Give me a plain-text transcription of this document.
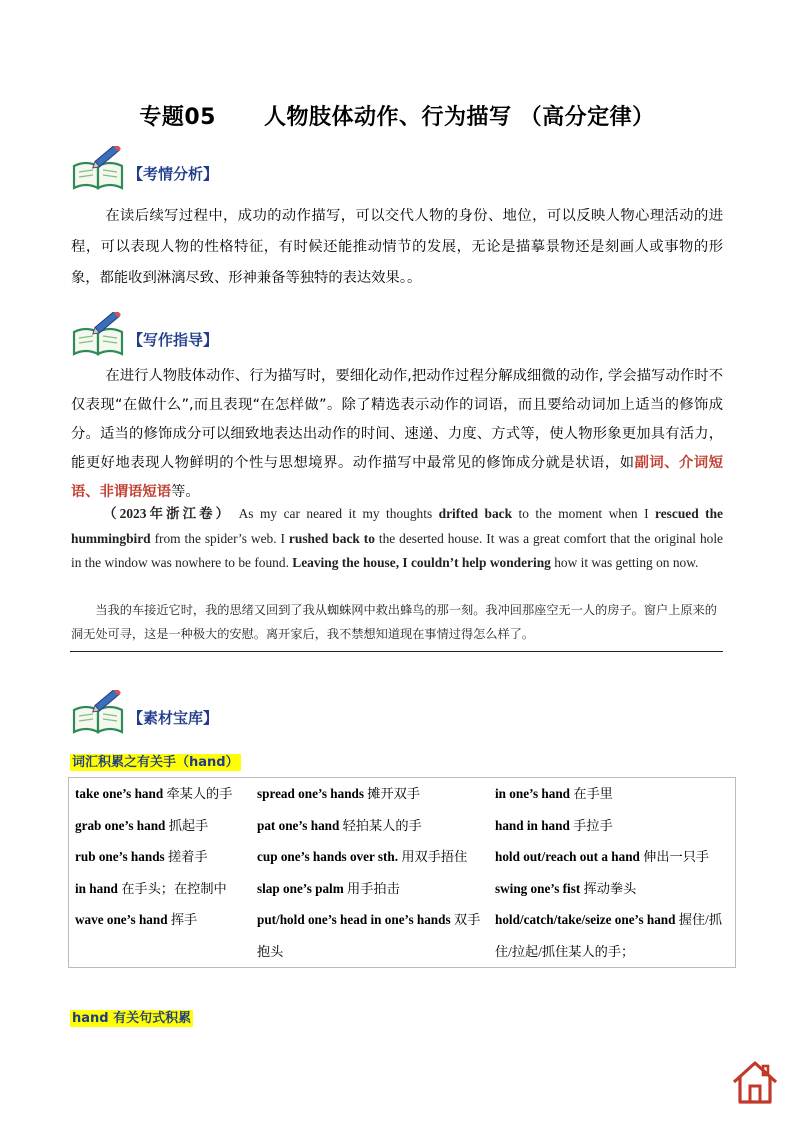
专题05 人物肢体动作、行为描写 （高分定律）
【考情分析】
在读后续写过程中，成功的动作描写，可以交代人物的身份、地位，可以反映人物心理活动的进程，可以表现人物的性格特征，有时候还能推动情节的发展，无论是描摹景物还是刻画人或事物的形象，都能收到淋漓尽致、形神兼备等独特的表达效果。。
【写作指导】
在进行人物肢体动作、行为描写时，要细化动作,把动作过程分解成细微的动作, 学会描写动作时不仅表现“在做什么”,而且表现“在怎样做”。除了精选表示动作的词语，而且要给动词加上适当的修饰成分。适当的修饰成分可以细致地表达出动作的时间、速递、力度、方式等，使人物形象更加具有活力，能更好地表现人物鲜明的个性与思想境界。动作描写中最常见的修饰成分就是状语，如副词、介词短语、非谓语短语等。
（2023年浙江卷） As my car neared it my thoughts drifted back to the moment when I rescued the hummingbird from the spider’s web. I rushed back to the deserted house. It was a great comfort that the original hole in the window was nowhere to be found. Leaving the house, I couldn’t help wondering how it was getting on now.
当我的车接近它时，我的思绪又回到了我从蜘蛛网中救出蜂鸟的那一刻。我冲回那座空无一人的房子。窗户上原来的洞无处可寻，这是一种极大的安慰。离开家后，我不禁想知道现在事情过得怎么样了。
【素材宝库】
词汇积累之有关手（hand）
take one’s hand 牵某人的手	spread one’s hands 摊开双手	in one’s hand 在手里
grab one’s hand 抓起手	pat one’s hand 轻拍某人的手	hand in hand 手拉手
rub one’s hands 搓着手	cup one’s hands over sth. 用双手捂住	hold out/reach out a hand 伸出一只手
in hand 在手头；在控制中	slap one’s palm 用手拍击	swing one’s fist 挥动拳头
wave one’s hand 挥手	put/hold one’s head in one’s hands 双手抱头	hold/catch/take/seize one’s hand 握住/抓住/拉起/抓住某人的手；
hand 有关句式积累
